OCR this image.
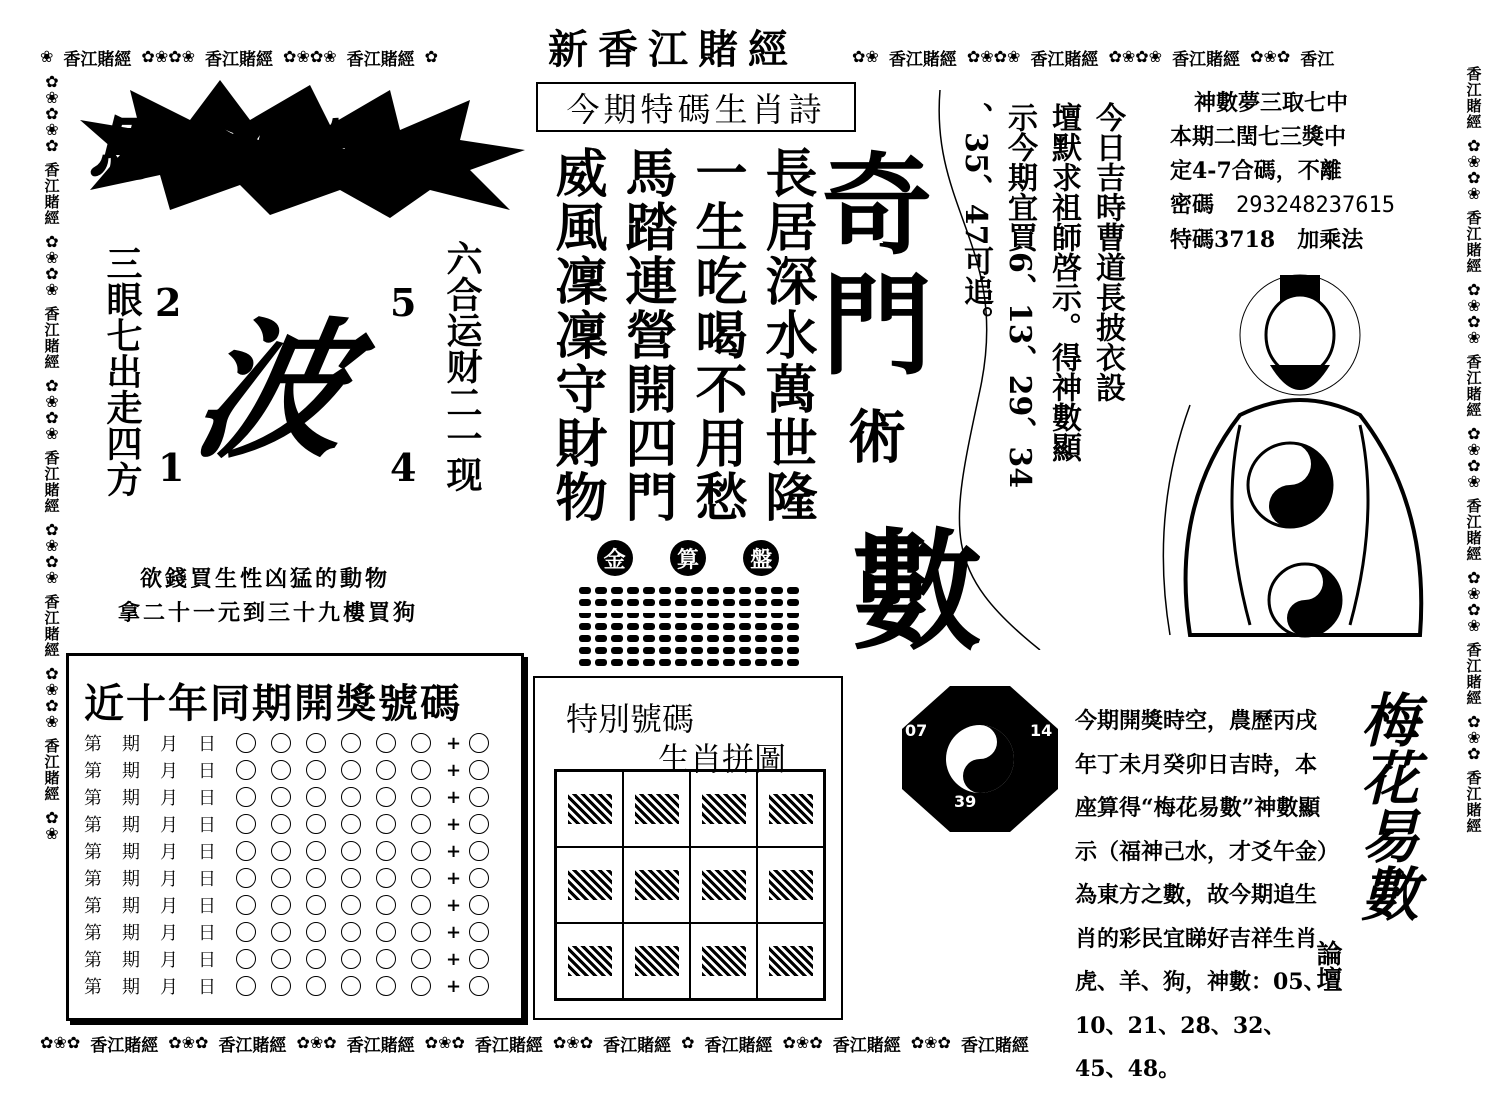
❀ 香江賭經 ✿❀✿❀ 香江賭經 ✿❀✿❀ 香江賭經 ✿	✿❀ 香江賭經 ✿❀✿❀ 香江賭經 ✿❀✿❀ 香江賭經 ✿❀✿ 香江
✿❀✿ 香江賭經 ✿❀✿ 香江賭經 ✿❀✿ 香江賭經 ✿❀✿ 香江賭經 ✿❀✿ 香江賭經 ✿ 香江賭經 ✿❀✿ 香江賭經 ✿❀✿ 香江賭經
✿
❀
✿
❀
✿
香江賭經
✿
❀
✿
❀
香江賭經
✿
❀
✿
❀
香江賭經
✿
❀
✿
❀
香江賭經
✿
❀
✿
❀
香江賭經
✿
❀
香江賭經
✿
❀
✿
❀
香江賭經
✿
❀
✿
❀
香江賭經
✿
❀
✿
❀
香江賭經
✿
❀
✿
❀
香江賭經
✿
❀
✿
香江賭經
新香江賭經
今期特碼生肖詩
長居深水萬世隆
一生吃喝不用愁
馬踏連營開四門
威風凜凜守財物 奇
門
術
數
馬會傳密
三眼七出走四方	六合运财二一现
2	5
1	4
波
欲錢買生性凶猛的動物
拿二十一元到三十九樓買狗
今日吉時曹道長披衣設
壇默求祖師啓示。得神數顯
示今期宜買6、13、29、34
、35、47可追。	神數夢三取七中
本期二閏七三獎中
定4-7合碼，不離
密碼　 29324823761​5
特碼3718　 加乘法
金	算	盤
近十年同期開獎號碼
第	期	月	日	+
第	期	月	日	+
第	期	月	日	+
第	期	月	日	+
第	期	月	日	+
第	期	月	日	+
第	期	月	日	+
第	期	月	日	+
第	期	月	日	+
第	期	月	日	+
特別號碼
生肖拼圖
07	14
39
今期開獎時空，農歷丙戌年丁未月癸卯日吉時，本座算得“梅花易數”神數顯示（福神己水，才爻午金）為東方之數，故今期追生肖的彩民宜睇好吉祥生肖虎、羊、狗，神數：05、10、21、28、32、45、48。
梅花易數
論壇
